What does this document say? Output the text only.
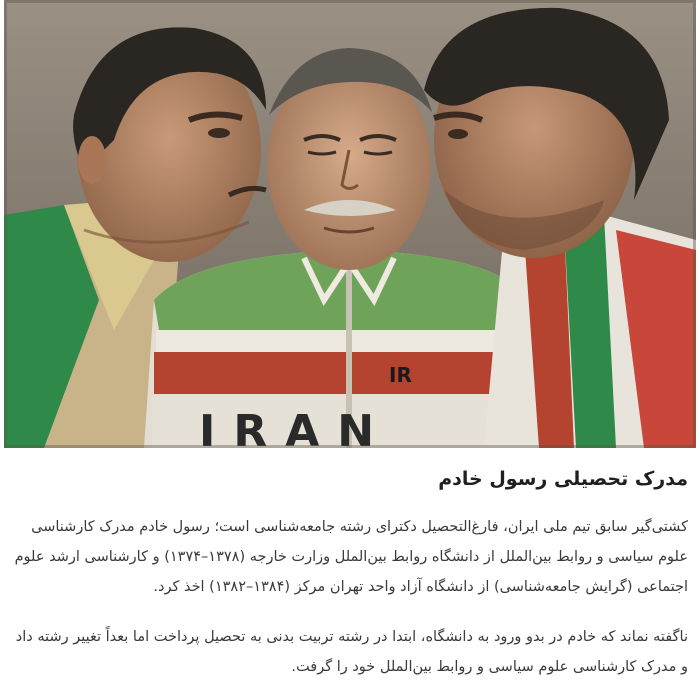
IR
IRAN
مدرک تحصیلی رسول خادم

کشتی‌گیر سابق تیم ملی ایران، فارغ‌التحصیل دکترای رشته جامعه‌شناسی است؛ رسول خادم مدرک کارشناسی علوم سیاسی و روابط بین‌الملل از دانشگاه روابط بین‌الملل وزارت خارجه (۱۳۷۸–۱۳۷۴) و کارشناسی ارشد علوم اجتماعی (گرایش جامعه‌شناسی) از دانشگاه آزاد واحد تهران مرکز (۱۳۸۴–۱۳۸۲) اخذ کرد.

ناگفته نماند که خادم در بدو ورود به دانشگاه، ابتدا در رشته تربیت بدنی به تحصیل پرداخت اما بعداً تغییر رشته داد و مدرک کارشناسی علوم سیاسی و روابط بین‌الملل خود را گرفت.
